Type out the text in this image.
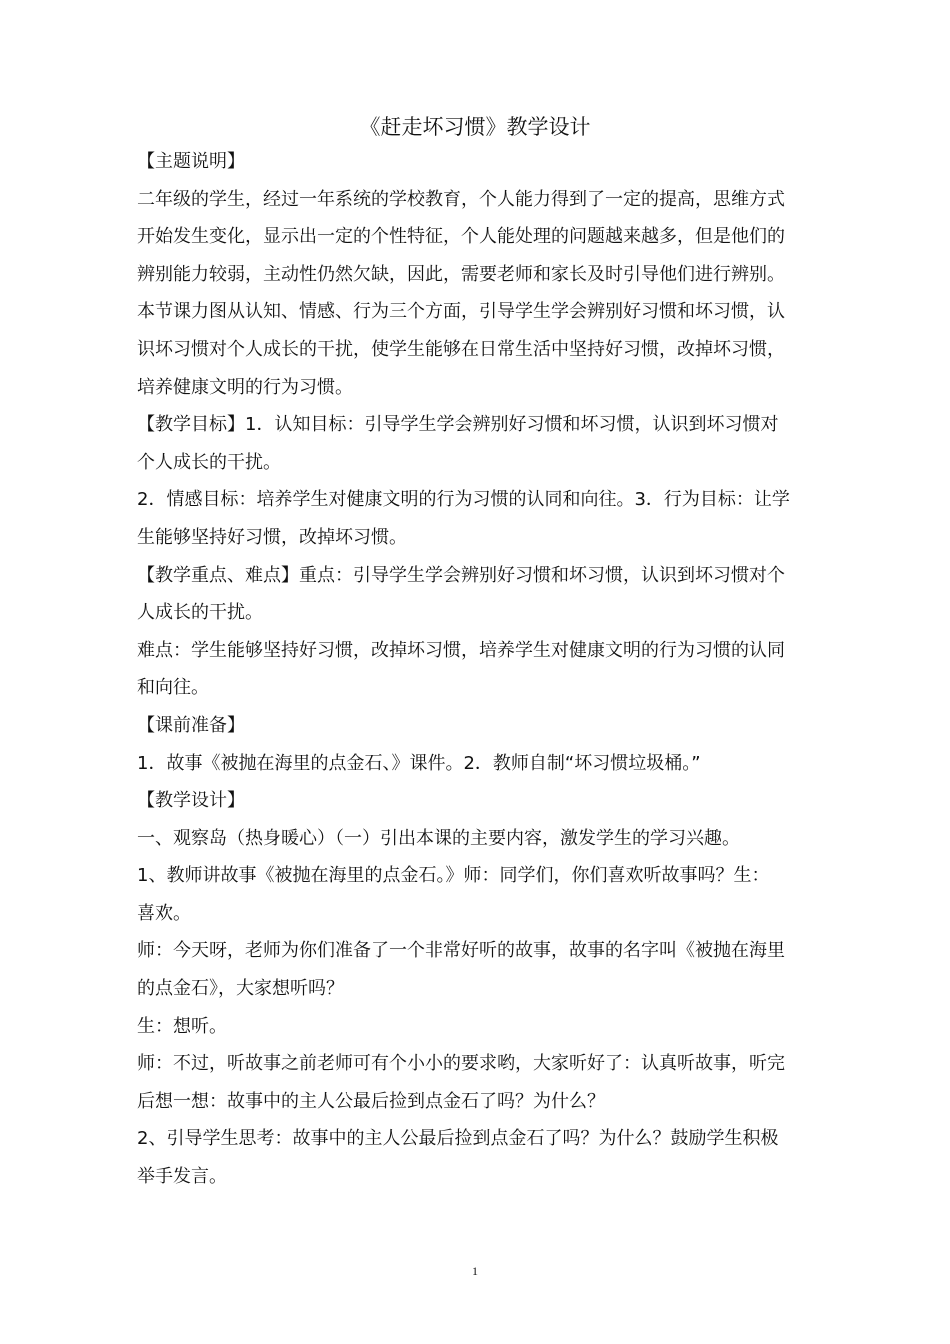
《赶走坏习惯》教学设计
【主题说明】
二年级的学生，经过一年系统的学校教育，个人能力得到了一定的提高，思维方式
开始发生变化，显示出一定的个性特征，个人能处理的问题越来越多，但是他们的
辨别能力较弱，主动性仍然欠缺，因此，需要老师和家长及时引导他们进行辨别。
本节课力图从认知、情感、行为三个方面，引导学生学会辨别好习惯和坏习惯，认
识坏习惯对个人成长的干扰，使学生能够在日常生活中坚持好习惯，改掉坏习惯，
培养健康文明的行为习惯。
【教学目标】1．认知目标：引导学生学会辨别好习惯和坏习惯，认识到坏习惯对
个人成长的干扰。
2．情感目标：培养学生对健康文明的行为习惯的认同和向往。3．行为目标：让学
生能够坚持好习惯，改掉坏习惯。
【教学重点、难点】重点：引导学生学会辨别好习惯和坏习惯，认识到坏习惯对个
人成长的干扰。
难点：学生能够坚持好习惯，改掉坏习惯，培养学生对健康文明的行为习惯的认同
和向往。
【课前准备】
1．故事《被抛在海里的点金石、》课件。2．教师自制“坏习惯垃圾桶。”
【教学设计】
一、观察岛（热身暖心）（一）引出本课的主要内容，激发学生的学习兴趣。
1、教师讲故事《被抛在海里的点金石。》师：同学们，你们喜欢听故事吗？生：
喜欢。
师：今天呀，老师为你们准备了一个非常好听的故事，故事的名字叫《被抛在海里
的点金石》，大家想听吗？
生：想听。
师：不过，听故事之前老师可有个小小的要求哟，大家听好了：认真听故事，听完
后想一想：故事中的主人公最后捡到点金石了吗？为什么？
2、引导学生思考：故事中的主人公最后捡到点金石了吗？为什么？鼓励学生积极
举手发言。
1
